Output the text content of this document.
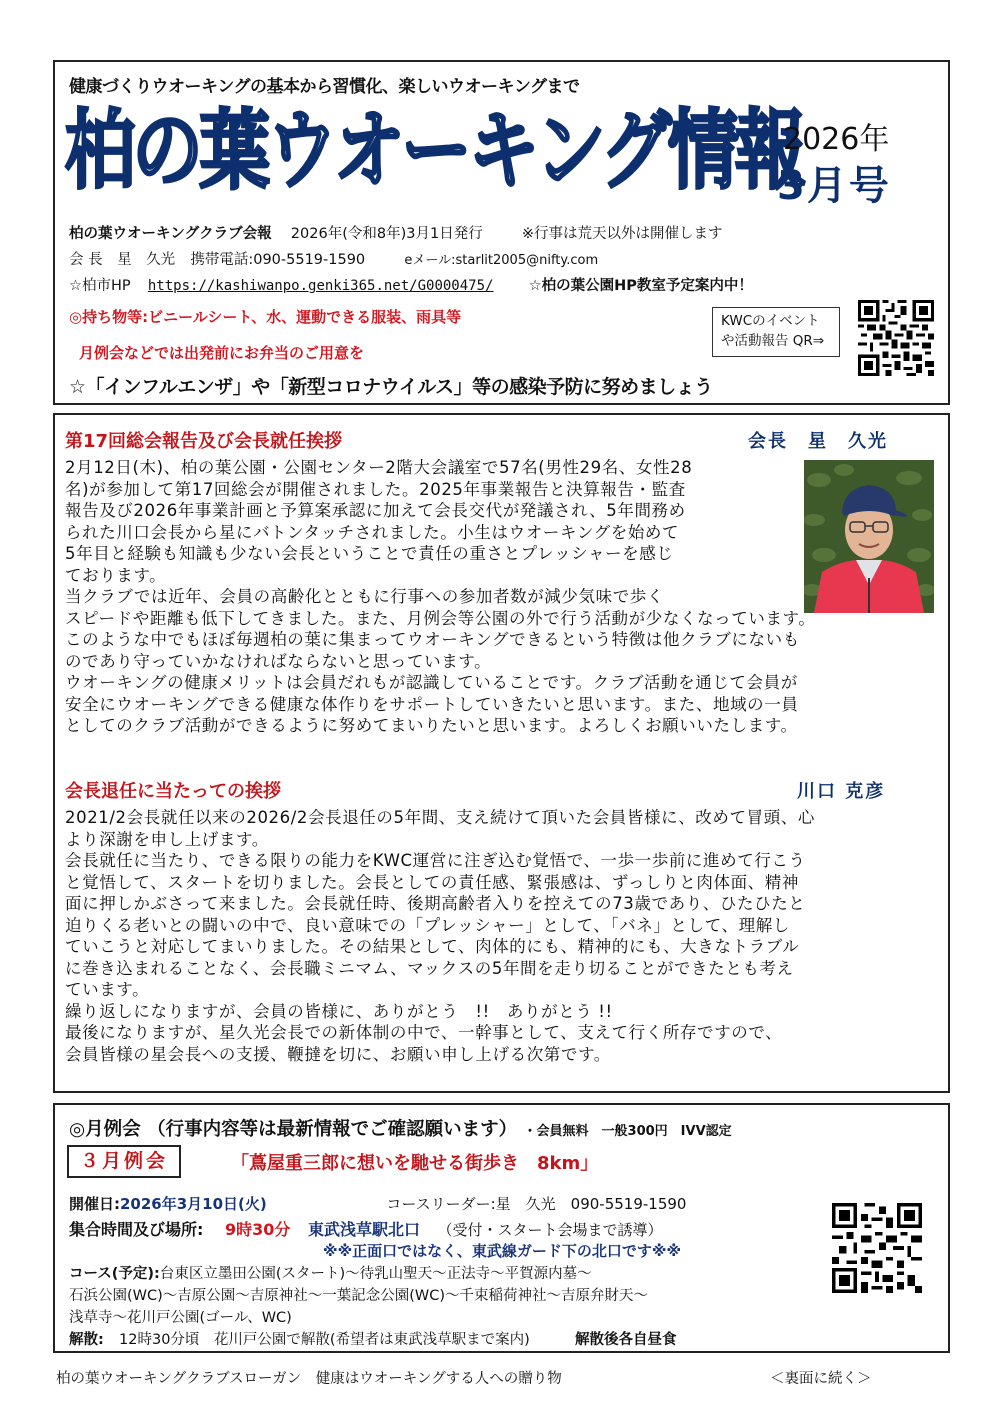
健康づくりウオーキングの基本から習慣化、楽しいウオーキングまで
柏の葉ウオーキング情報
2026年
3月号
柏の葉ウオーキングクラブ会報 2026年(令和8年)3月1日発行	※行事は荒天以外は開催します
会 長　星　久光 携帯電話:090-5519-1590	eメール:starlit2005@nifty.com
☆柏市HP https://kashiwanpo.genki365.net/G0000475/ ☆柏の葉公園HP教室予定案内中！
◎持ち物等:ビニールシート、水、運動できる服装、雨具等
月例会などでは出発前にお弁当のご用意を
KWCのイベント
や活動報告 QR⇒
☆「インフルエンザ」や「新型コロナウイルス」等の感染予防に努めましょう
第17回総会報告及び会長就任挨拶	会長　星　久光
2月12日(木)、柏の葉公園・公園センター2階大会議室で57名(男性29名、女性28
名)が参加して第17回総会が開催されました。2025年事業報告と決算報告・監査
報告及び2026年事業計画と予算案承認に加えて会長交代が発議され、5年間務め
られた川口会長から星にバトンタッチされました。小生はウオーキングを始めて
5年目と経験も知識も少ない会長ということで責任の重さとプレッシャーを感じ
ております。
当クラブでは近年、会員の高齢化とともに行事への参加者数が減少気味で歩く
スピードや距離も低下してきました。また、月例会等公園の外で行う活動が少なくなっています。
このような中でもほぼ毎週柏の葉に集まってウオーキングできるという特徴は他クラブにないも
のであり守っていかなければならないと思っています。
ウオーキングの健康メリットは会員だれもが認識していることです。クラブ活動を通じて会員が
安全にウオーキングできる健康な体作りをサポートしていきたいと思います。また、地域の一員
としてのクラブ活動ができるように努めてまいりたいと思います。よろしくお願いいたします。
会長退任に当たっての挨拶	川口 克彦
2021/2会長就任以来の2026/2会長退任の5年間、支え続けて頂いた会員皆様に、改めて冒頭、心
より深謝を申し上げます。
会長就任に当たり、できる限りの能力をKWC運営に注ぎ込む覚悟で、一歩一歩前に進めて行こう
と覚悟して、スタートを切りました。会長としての責任感、緊張感は、ずっしりと肉体面、精神
面に押しかぶさって来ました。会長就任時、後期高齢者入りを控えての73歳であり、ひたひたと
迫りくる老いとの闘いの中で、良い意味での「プレッシャー」として、「バネ」として、理解し
ていこうと対応してまいりました。その結果として、肉体的にも、精神的にも、大きなトラブル
に巻き込まれることなく、会長職ミニマム、マックスの5年間を走り切ることができたとも考え
ています。
繰り返しになりますが、会員の皆様に、ありがとう　!!　ありがとう !!
最後になりますが、星久光会長での新体制の中で、一幹事として、支えて行く所存ですので、
会員皆様の星会長への支援、鞭撻を切に、お願い申し上げる次第です。
◎月例会 （行事内容等は最新情報でご確認願います） ・会員無料　一般300円　IVV認定
３月例会	「蔦屋重三郎に想いを馳せる街歩き　8km」
開催日:2026年3月10日(火)	コースリーダー:星　久光　090-5519-1590
集合時間及び場所: 9時30分 東武浅草駅北口 （受付・スタート会場まで誘導）
※※正面口ではなく、東武線ガード下の北口です※※
コース(予定):台東区立墨田公園(スタート)～待乳山聖天～正法寺～平賀源内墓～
石浜公園(WC)～吉原公園～吉原神社～一葉記念公園(WC)～千束稲荷神社～吉原弁財天～
浅草寺～花川戸公園(ゴール、WC)
解散: 12時30分頃　花川戸公園で解散(希望者は東武浅草駅まで案内)	解散後各自昼食
柏の葉ウオーキングクラブスローガン　健康はウオーキングする人への贈り物	＜裏面に続く＞
